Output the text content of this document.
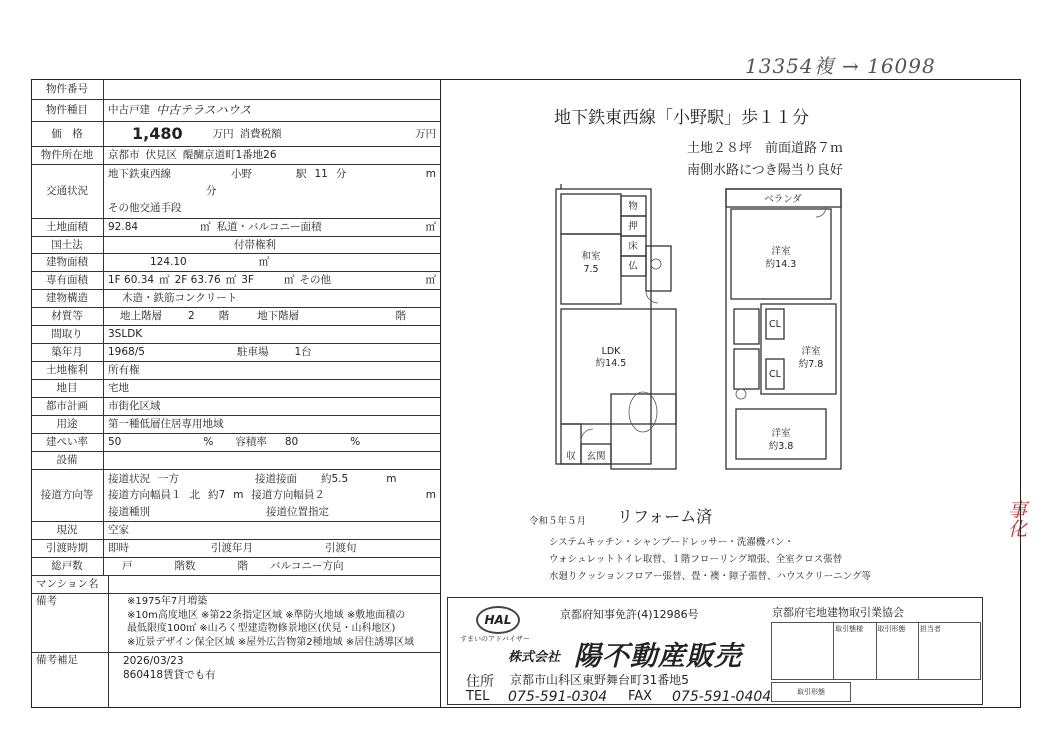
13354複 → 16098
事化
物件番号
物件種目	中古戸建 中古テラスハウス
価　格	1,480	万円 消費税額	万円
物件所在地	京都市 伏見区 醍醐京道町1番地26
交通状況
地下鉄東西線	小野	駅 11 分	m
分
その他交通手段
土地面積	92.84	㎡ 私道・バルコニー面積	㎡
国土法	付帯権利
建物面積	124.10	㎡
専有面積	1F 60.34 ㎡ 2F 63.76 ㎡ 3F	㎡ その他	㎡
建物構造	木造・鉄筋コンクリート
材質等	地上階層 2 階	地下階層	階
間取り	3SLDK
築年月	1968/5	駐車場 1台
土地権利	所有権
地目	宅地
都市計画	市街化区域
用途	第一種低層住居専用地域
建ぺい率	50	% 容積率 80	%
設備
接道方向等
接道状況 一方	接道接面 約5.5	m
接道方向幅員１ 北 約7 m 接道方向幅員２	m
接道種別	接道位置指定
現況	空家
引渡時期	即時	引渡年月	引渡旬
総戸数	戸	階数	階 バルコニー方向
マンション名
備考	※1975年7月増築
※10m高度地区 ※第22条指定区域 ※準防火地域 ※敷地面積の
最低限度100㎡ ※山ろく型建造物修景地区(伏見・山科地区)
※近景デザイン保全区域 ※屋外広告物第2種地域 ※居住誘導区域
備考補足	2026/03/23
860418賃貸でも有
地下鉄東西線「小野駅」歩１１分
土地２８坪　前面道路７ｍ
南側水路につき陽当り良好
物
押
床
仏
和室
7.5
LDK
約14.5
収 玄関
ベランダ
洋室
約14.3
CL
CL
洋室
約7.8
洋室
約3.8
令和５年５月 リフォーム済
システムキッチン・シャンプードレッサー・洗濯機パン・
ウォシュレットトイレ取替、１階フローリング増張、全室クロス張替
水廻りクッションフロアー張替、畳・襖・障子張替、ハウスクリーニング等
HAL
すまいのアドバイザー
京都府知事免許(4)12986号
株式会社 陽不動産販売
住所 京都市山科区東野舞台町31番地5
TEL 075-591-0304 FAX 075-591-0404
京都府宅地建物取引業協会
取引態様	取引形態	担当者
取引形態
